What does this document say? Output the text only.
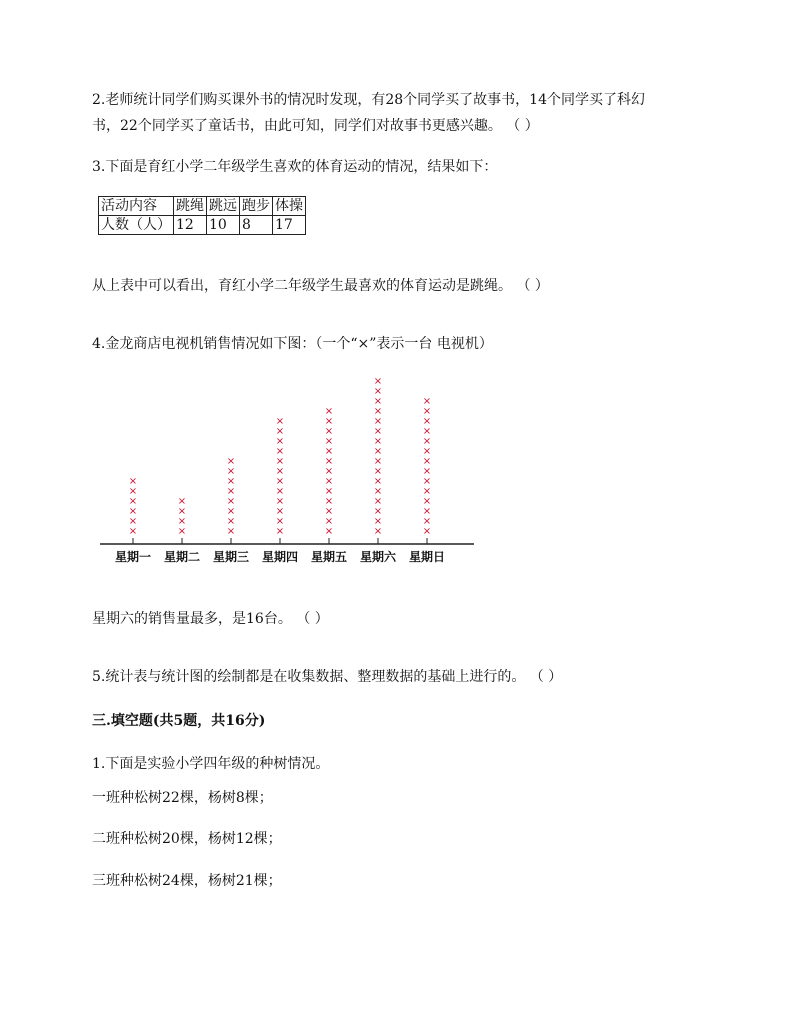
2.老师统计同学们购买课外书的情况时发现，有28个同学买了故事书，14个同学买了科幻
书，22个同学买了童话书，由此可知，同学们对故事书更感兴趣。 （ ）
3.下面是育红小学二年级学生喜欢的体育运动的情况，结果如下：
活动内容	跳绳	跳远	跑步	体操
人数（人）	12	10	8	17
从上表中可以看出，育红小学二年级学生最喜欢的体育运动是跳绳。 （ ）
4.金龙商店电视机销售情况如下图：（一个“×”表示一台 电视机）
×
×
×
×
×
×
星期一
×
×
×
×
星期二
×
×
×
×
×
×
×
×
星期三
×
×
×
×
×
×
×
×
×
×
×
×
星期四
×
×
×
×
×
×
×
×
×
×
×
×
×
星期五
×
×
×
×
×
×
×
×
×
×
×
×
×
×
×
×
星期六
×
×
×
×
×
×
×
×
×
×
×
×
×
×
星期日
星期六的销售量最多，是16台。 （ ）
5.统计表与统计图的绘制都是在收集数据、整理数据的基础上进行的。 （ ）
三.填空题(共5题，共16分)
1.下面是实验小学四年级的种树情况。
一班种松树22棵，杨树8棵；
二班种松树20棵，杨树12棵；
三班种松树24棵，杨树21棵；
